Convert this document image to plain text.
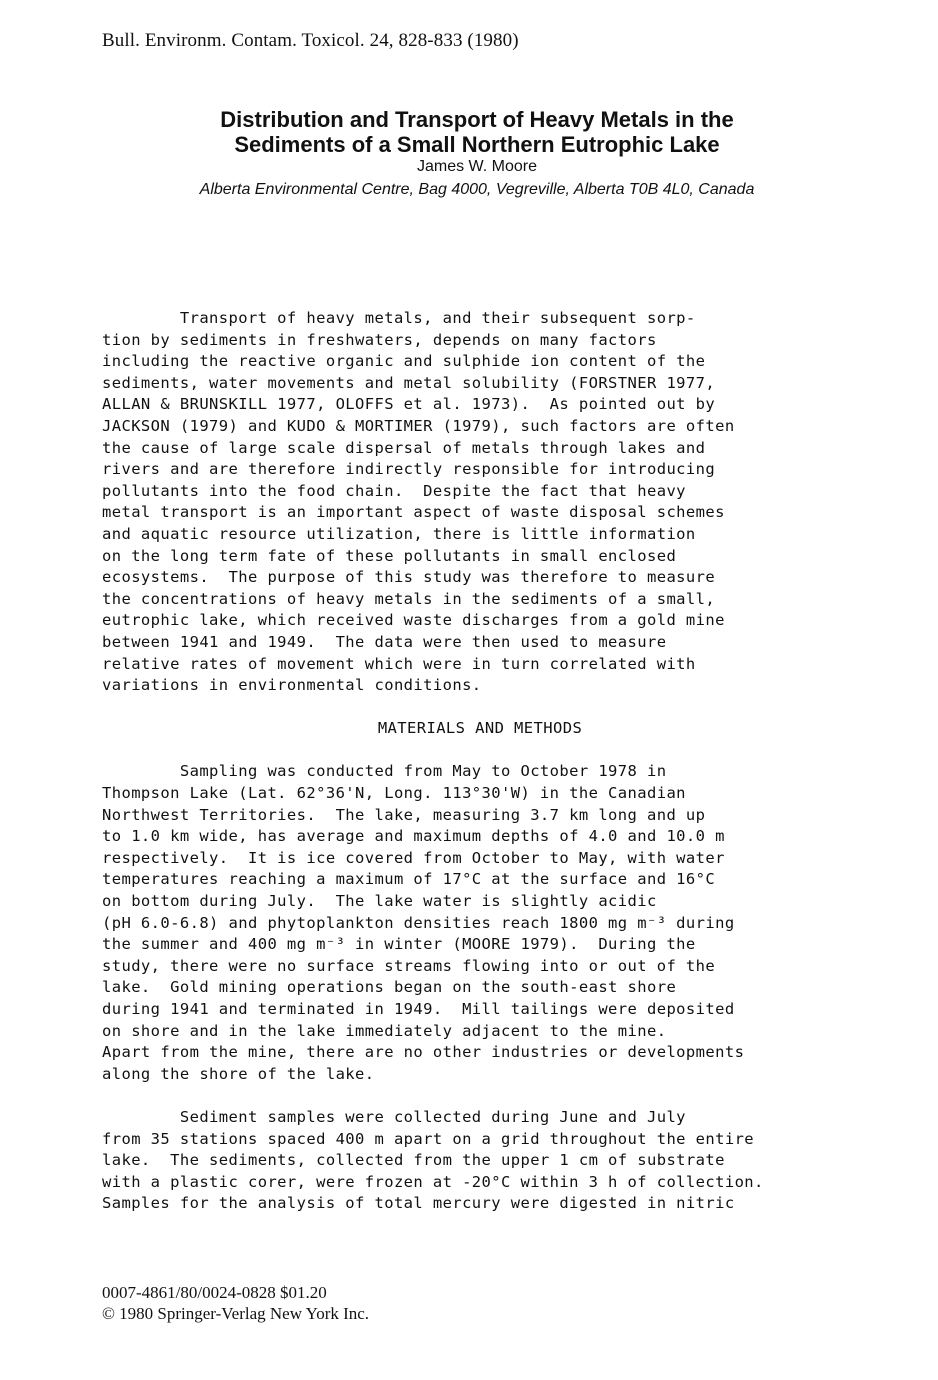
Bull. Environm. Contam. Toxicol. 24, 828-833 (1980)
Distribution and Transport of Heavy Metals in the
Sediments of a Small Northern Eutrophic Lake
James W. Moore
Alberta Environmental Centre, Bag 4000, Vegreville, Alberta T0B 4L0, Canada
Transport of heavy metals, and their subsequent sorp-
tion by sediments in freshwaters, depends on many factors
including the reactive organic and sulphide ion content of the
sediments, water movements and metal solubility (FORSTNER 1977,
ALLAN & BRUNSKILL 1977, OLOFFS et al. 1973).  As pointed out by
JACKSON (1979) and KUDO & MORTIMER (1979), such factors are often
the cause of large scale dispersal of metals through lakes and
rivers and are therefore indirectly responsible for introducing
pollutants into the food chain.  Despite the fact that heavy
metal transport is an important aspect of waste disposal schemes
and aquatic resource utilization, there is little information
on the long term fate of these pollutants in small enclosed
ecosystems.  The purpose of this study was therefore to measure
the concentrations of heavy metals in the sediments of a small,
eutrophic lake, which received waste discharges from a gold mine
between 1941 and 1949.  The data were then used to measure
relative rates of movement which were in turn correlated with
variations in environmental conditions.
MATERIALS AND METHODS
Sampling was conducted from May to October 1978 in
Thompson Lake (Lat. 62°36'N, Long. 113°30'W) in the Canadian
Northwest Territories.  The lake, measuring 3.7 km long and up
to 1.0 km wide, has average and maximum depths of 4.0 and 10.0 m
respectively.  It is ice covered from October to May, with water
temperatures reaching a maximum of 17°C at the surface and 16°C
on bottom during July.  The lake water is slightly acidic
(pH 6.0-6.8) and phytoplankton densities reach 1800 mg m⁻³ during
the summer and 400 mg m⁻³ in winter (MOORE 1979).  During the
study, there were no surface streams flowing into or out of the
lake.  Gold mining operations began on the south-east shore
during 1941 and terminated in 1949.  Mill tailings were deposited
on shore and in the lake immediately adjacent to the mine.
Apart from the mine, there are no other industries or developments
along the shore of the lake.
Sediment samples were collected during June and July
from 35 stations spaced 400 m apart on a grid throughout the entire
lake.  The sediments, collected from the upper 1 cm of substrate
with a plastic corer, were frozen at -20°C within 3 h of collection.
Samples for the analysis of total mercury were digested in nitric
0007-4861/80/0024-0828 $01.20
© 1980 Springer-Verlag New York Inc.
